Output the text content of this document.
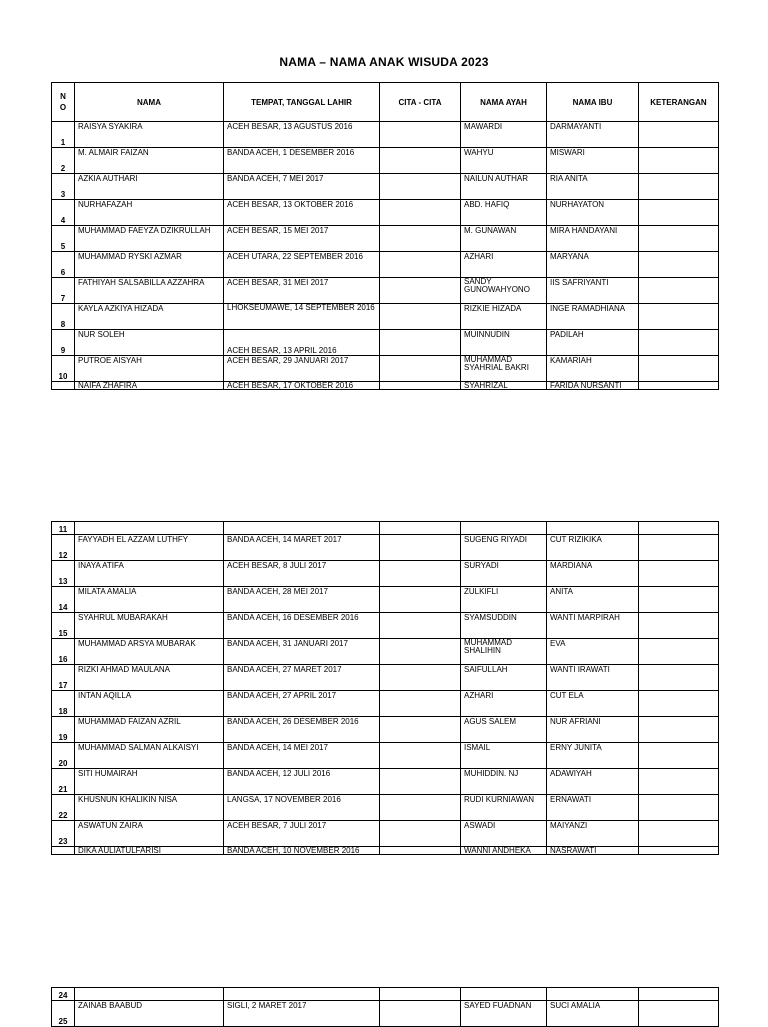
NAMA – NAMA ANAK WISUDA 2023
N
O	NAMA	TEMPAT, TANGGAL LAHIR	CITA - CITA	NAMA AYAH	NAMA IBU	KETERANGAN
1	RAISYA SYAKIRA	ACEH BESAR, 13 AGUSTUS 2016		MAWARDI	DARMAYANTI	
2	M. ALMAIR FAIZAN	BANDA ACEH, 1 DESEMBER 2016		WAHYU	MISWARI	
3	AZKIA AUTHARI	BANDA ACEH, 7 MEI 2017		NAILUN AUTHAR	RIA ANITA	
4	NURHAFAZAH	ACEH BESAR, 13 OKTOBER 2016		ABD. HAFIQ	NURHAYATON	
5	MUHAMMAD FAEYZA DZIKRULLAH	ACEH BESAR, 15 MEI 2017		M. GUNAWAN	MIRA HANDAYANI	
6	MUHAMMAD RYSKI AZMAR	ACEH UTARA, 22 SEPTEMBER 2016		AZHARI	MARYANA	
7	FATHIYAH SALSABILLA AZZAHRA	ACEH BESAR, 31 MEI 2017		SANDY GUNOWAHYONO	IIS SAFRIYANTI	
8	KAYLA AZKIYA HIZADA	LHOKSEUMAWE, 14 SEPTEMBER 2016		RIZKIE HIZADA	INGE RAMADHIANA	
9	NUR SOLEH	ACEH BESAR, 13 APRIL 2016		MUINNUDIN	PADILAH	
10	PUTROE AISYAH	ACEH BESAR, 29 JANUARI 2017		MUHAMMAD SYAHRIAL BAKRI	KAMARIAH	
	NAIFA ZHAFIRA	ACEH BESAR, 17 OKTOBER 2016		SYAHRIZAL	FARIDA NURSANTI	
11						
12	FAYYADH EL AZZAM LUTHFY	BANDA ACEH, 14 MARET 2017		SUGENG RIYADI	CUT RIZIKIKA	
13	INAYA ATIFA	ACEH BESAR, 8 JULI 2017		SURYADI	MARDIANA	
14	MILATA AMALIA	BANDA ACEH, 28 MEI 2017		ZULKIFLI	ANITA	
15	SYAHRUL MUBARAKAH	BANDA ACEH, 16 DESEMBER 2016		SYAMSUDDIN	WANTI MARPIRAH	
16	MUHAMMAD ARSYA MUBARAK	BANDA ACEH, 31 JANUARI 2017		MUHAMMAD SHALIHIN	EVA	
17	RIZKI AHMAD MAULANA	BANDA ACEH, 27 MARET 2017		SAIFULLAH	WANTI IRAWATI	
18	INTAN AQILLA	BANDA ACEH, 27 APRIL 2017		AZHARI	CUT ELA	
19	MUHAMMAD FAIZAN AZRIL	BANDA ACEH, 26 DESEMBER 2016		AGUS SALEM	NUR AFRIANI	
20	MUHAMMAD SALMAN ALKAISYI	BANDA ACEH, 14 MEI 2017		ISMAIL	ERNY JUNITA	
21	SITI HUMAIRAH	BANDA ACEH, 12 JULI 2016		MUHIDDIN. NJ	ADAWIYAH	
22	KHUSNUN KHALIKIN NISA	LANGSA, 17 NOVEMBER 2016		RUDI KURNIAWAN	ERNAWATI	
23	ASWATUN ZAIRA	ACEH BESAR, 7 JULI 2017		ASWADI	MAIYANZI	
	DIKA AULIATULFARISI	BANDA ACEH, 10 NOVEMBER 2016		WANNI ANDHEKA	NASRAWATI	
24						
25	ZAINAB BAABUD	SIGLI, 2 MARET 2017		SAYED FUADNAN	SUCI AMALIA	
